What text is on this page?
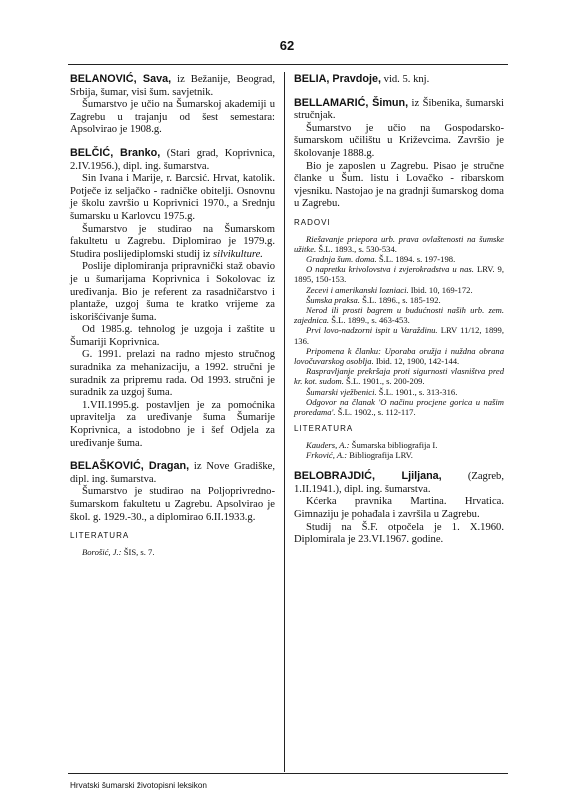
62

BELANOVIĆ, Sava, iz Bežanije, Beograd, Srbija, šumar, visi šum. savjetnik.

Šumarstvo je učio na Šumarskoj akademiji u Zagrebu u trajanju od šest semestara: Apsolvirao je 1908.g.

BELČIĆ, Branko, (Stari grad, Koprivnica, 2.IV.1956.), dipl. ing. šumarstva.

Sin Ivana i Marije, r. Barcsić. Hrvat, katolik. Potječe iz seljačko - radničke obitelji. Osnovnu je školu završio u Koprivnici 1970., a Srednju šumarsku u Karlovcu 1975.g.

Šumarstvo je studirao na Šumarskom fakultetu u Zagrebu. Diplomirao je 1979.g. Studira poslijediplomski studij iz silvikulture.

Poslije diplomiranja pripravnički staž obavio je u šumarijama Koprivnica i Sokolovac iz uređivanja. Bio je referent za rasadničarstvo i plantaže, uzgoj šuma te kratko vrijeme za iskorišćivanje šuma.

Od 1985.g. tehnolog je uzgoja i zaštite u Šumariji Koprivnica.

G. 1991. prelazi na radno mjesto stručnog suradnika za mehanizaciju, a 1992. stručni je suradnik za pripremu rada. Od 1993. stručni je suradnik za uzgoj šuma.

1.VII.1995.g. postavljen je za pomoćnika upravitelja za uređivanje šuma Šumarije Koprivnica, a istodobno je i šef Odjela za uređivanje šuma.

BELAŠKOVIĆ, Dragan, iz Nove Gradiške, dipl. ing. šumarstva.

Šumarstvo je studirao na Poljoprivredno-šumarskom fakultetu u Zagrebu. Apsolvirao je škol. g. 1929.-30., a diplomirao 6.II.1933.g.

LITERATURA

Borošić, J.: ŠIS, s. 7.

BELIA, Pravdoje, vid. 5. knj.

BELLAMARIĆ, Šimun, iz Šibenika, šumarski stručnjak.

Šumarstvo je učio na Gospodarsko-šumarskom učilištu u Križevcima. Završio je školovanje 1888.g.

Bio je zaposlen u Zagrebu. Pisao je stručne članke u Šum. listu i Lovačko - ribarskom vjesniku. Nastojao je na gradnji šumarskog doma u Zagrebu.

RADOVI

Riešavanje priepora urb. prava ovlaštenosti na šumske užitke. Š.L. 1893., s. 530-534.

Gradnja šum. doma. Š.L. 1894. s. 197-198.

O napretku krivolovstva i zvjerokradstva u nas. LRV. 9, 1895, 150-153.

Zecevi i amerikanski lozniaci. Ibid. 10, 169-172.

Šumska praksa. Š.L. 1896., s. 185-192.

Nerod ili prosti bagrem u budućnosti naših urb. zem. zajednica. Š.L. 1899., s. 463-453.

Prvi lovo-nadzorni ispit u Varaždinu. LRV 11/12, 1899, 136.

Pripomena k članku: Uporaba oružja i nuždna obrana lovočuvarskog osoblja. Ibid. 12, 1900, 142-144.

Raspravljanje prekršaja proti sigurnosti vlasništva pred kr. kot. sudom. Š.L. 1901., s. 200-209.

Šumarski vježbenici. Š.L. 1901., s. 313-316.

Odgovor na članak 'O načinu procjene gorica u našim proredama'. Š.L. 1902., s. 112-117.

LITERATURA

Kauders, A.: Šumarska bibliografija I.

Frković, A.: Bibliografija LRV.

BELOBRAJDIĆ, Ljiljana, (Zagreb, 1.II.1941.), dipl. ing. šumarstva.

Kćerka pravnika Martina. Hrvatica. Gimnaziju je pohađala i završila u Zagrebu.

Studij na Š.F. otpočela je 1. X.1960. Diplomirala je 23.VI.1967. godine.

Hrvatski šumarski životopisni leksikon
